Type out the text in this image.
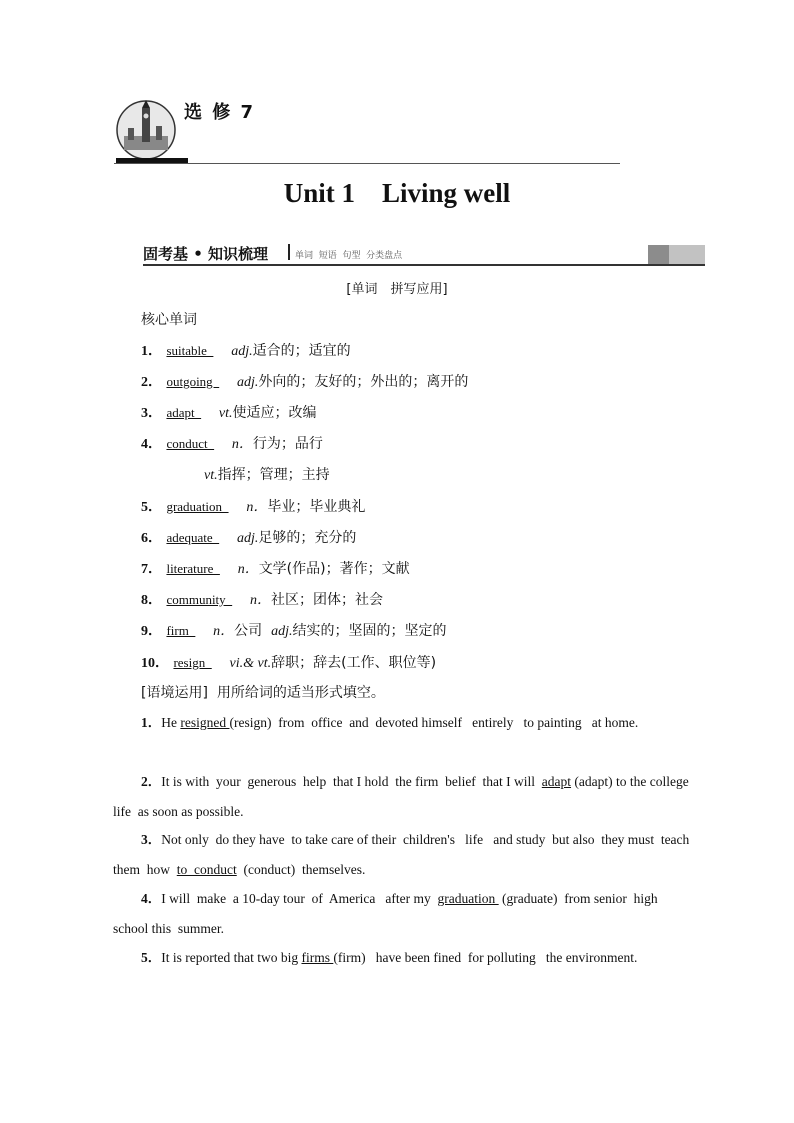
选 修 7
Unit 1    Living well
固考基 • 知识梳理	单词  短语  句型  分类盘点
[单词　拼写应用]
核心单词
1． suitable      adj.适合的；适宜的
2． outgoing      adj.外向的；友好的；外出的；离开的
3． adapt      vt.使适应；改编
4． conduct      n．行为；品行
vt.指挥；管理；主持
5． graduation      n．毕业；毕业典礼
6． adequate      adj.足够的；充分的
7． literature      n．文学(作品)；著作；文献
8． community      n．社区；团体；社会
9． firm      n．公司 adj.结实的；坚固的；坚定的
10． resign      vi.& vt.辞职；辞去(工作、职位等)
[语境运用] 用所给词的适当形式填空。
1．He resigned (resign)  from  office  and  devoted himself   entirely   to painting   at home.
2．It is with  your  generous  help  that I hold  the firm  belief  that I will  adapt (adapt) to the college  life  as soon as possible.
3．Not only  do they have  to take care of their  children's   life   and study  but also  they must  teach them  how  to  conduct  (conduct)  themselves.
4．I will  make  a 10-day tour  of  America   after my  graduation  (graduate)  from senior  high  school this  summer.
5．It is reported that two big firms (firm)   have been fined  for polluting   the environment.
